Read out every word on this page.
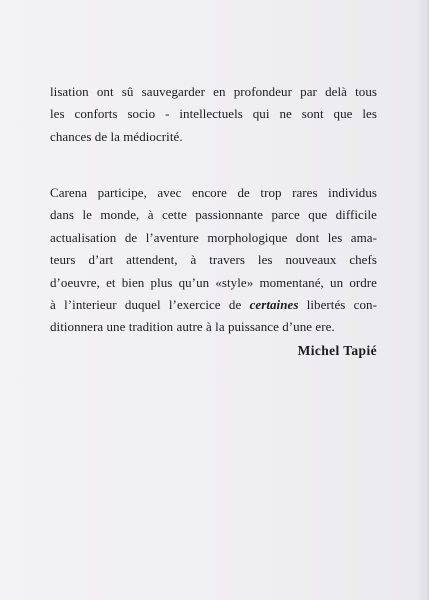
lisation ont sû sauvegarder en profondeur par delà tous
les conforts socio - intellectuels qui ne sont que les
chances de la médiocrité.
Carena participe, avec encore de trop rares individus
dans le monde, à cette passionnante parce que difficile
actualisation de l’aventure morphologique dont les ama-
teurs d’art attendent, à travers les nouveaux chefs
d’oeuvre, et bien plus qu’un «style» momentané, un ordre
à l’interieur duquel l’exercice de certaines libertés con-
ditionnera une tradition autre à la puissance d’une ere.
Michel Tapié
